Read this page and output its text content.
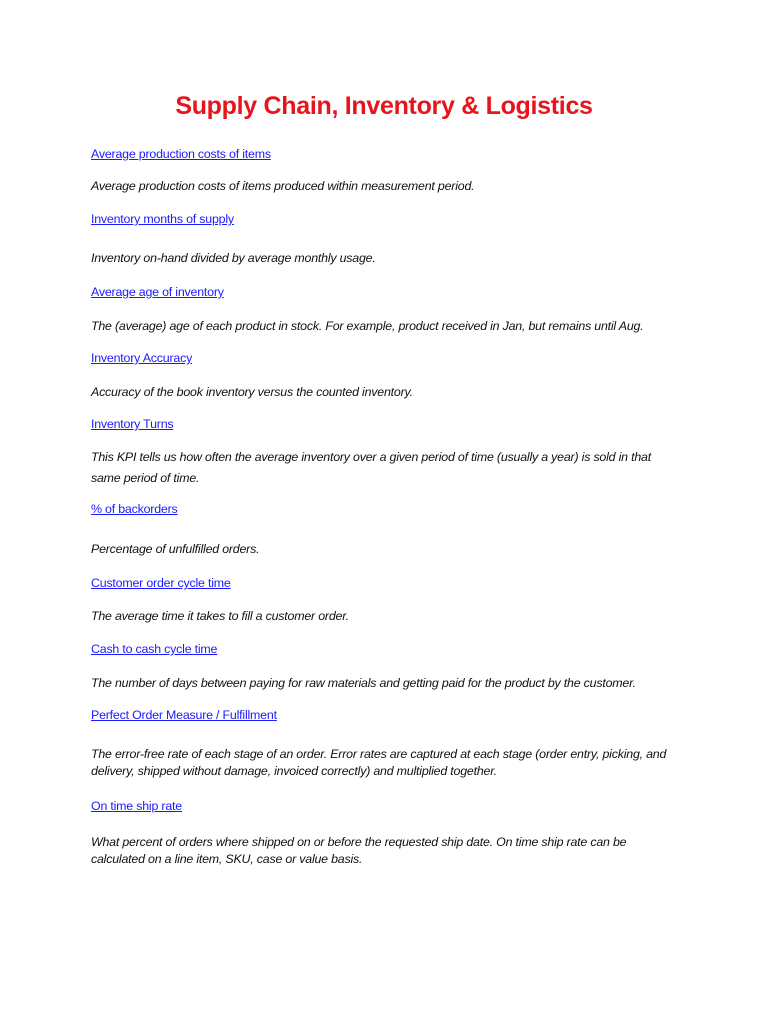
Supply Chain, Inventory & Logistics
Average production costs of items

Average production costs of items produced within measurement period.

Inventory months of supply

Inventory on-hand divided by average monthly usage.

Average age of inventory

The (average) age of each product in stock. For example, product received in Jan, but remains until Aug.

Inventory Accuracy

Accuracy of the book inventory versus the counted inventory.

Inventory Turns

This KPI tells us how often the average inventory over a given period of time (usually a year) is sold in that same period of time.

% of backorders

Percentage of unfulfilled orders.

Customer order cycle time

The average time it takes to fill a customer order.

Cash to cash cycle time

The number of days between paying for raw materials and getting paid for the product by the customer.

Perfect Order Measure / Fulfillment

The error-free rate of each stage of an order. Error rates are captured at each stage (order entry, picking, and delivery, shipped without damage, invoiced correctly) and multiplied together.

On time ship rate

What percent of orders where shipped on or before the requested ship date. On time ship rate can be calculated on a line item, SKU, case or value basis.
